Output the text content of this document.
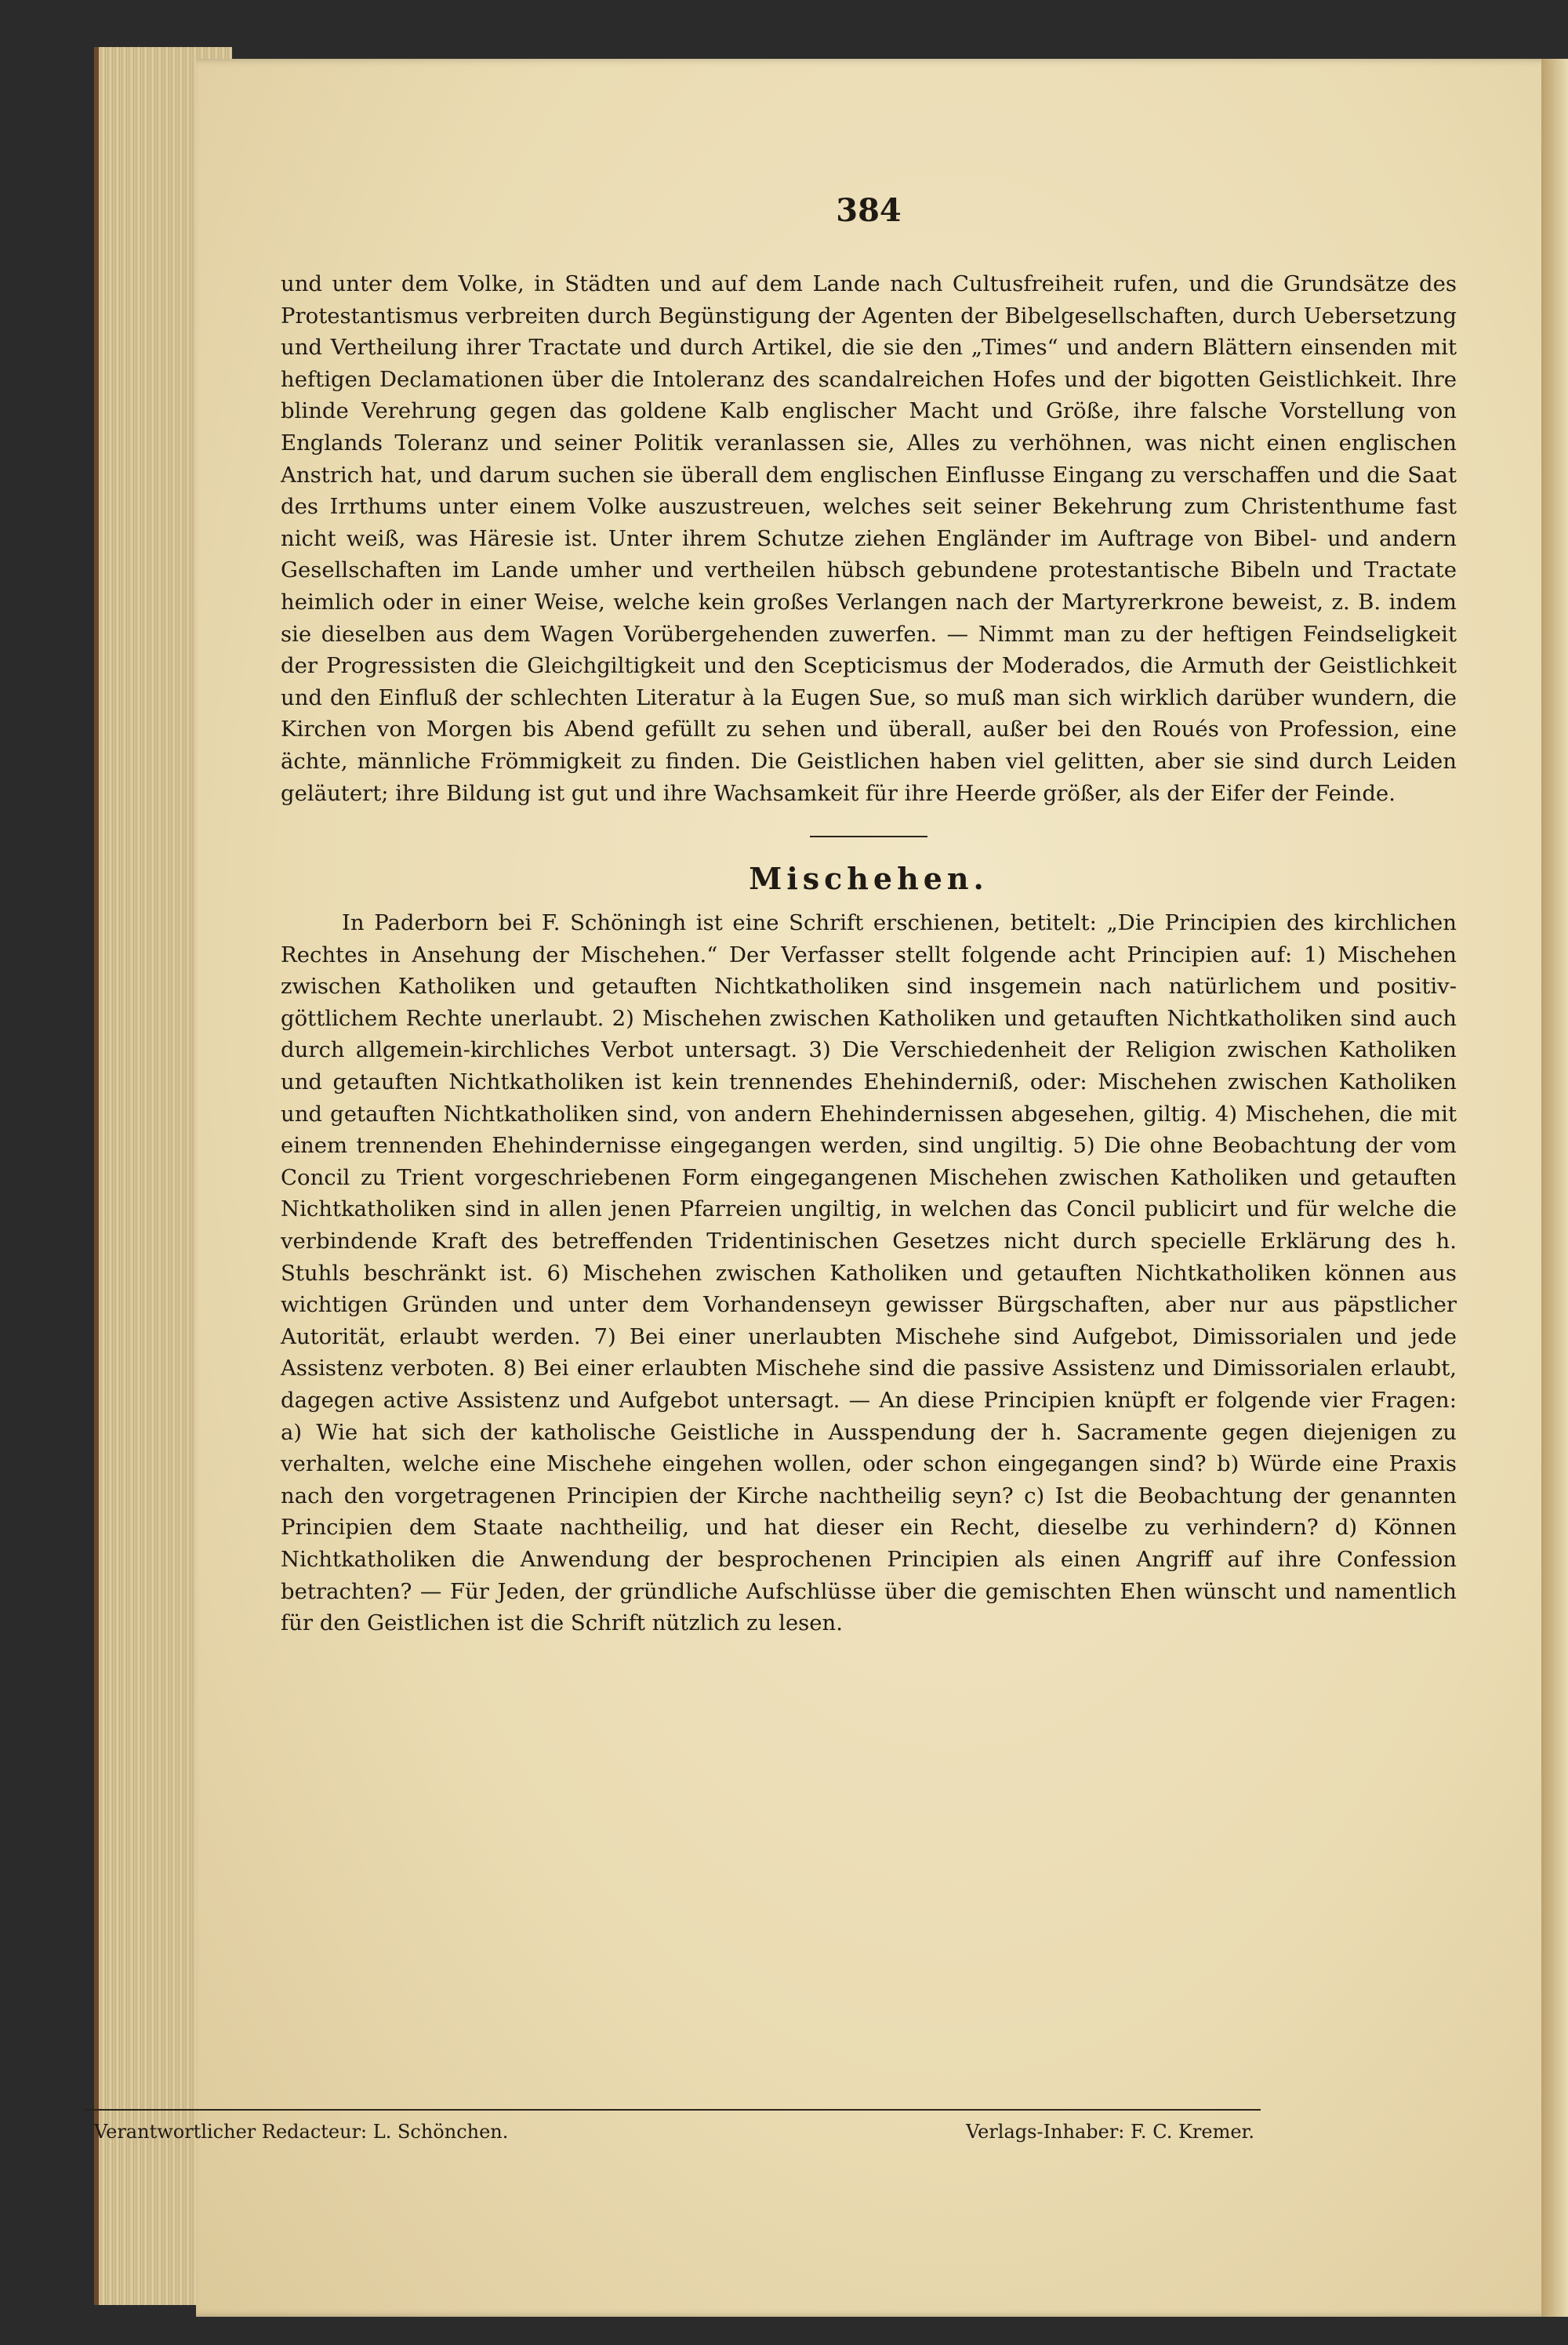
384

und unter dem Volke, in Städten und auf dem Lande nach Cultusfreiheit rufen, und die Grundsätze des Protestantismus verbreiten durch Begünstigung der Agenten der Bibelgesellschaften, durch Uebersetzung und Vertheilung ihrer Tractate und durch Artikel, die sie den „Times“ und andern Blättern einsenden mit heftigen Declamationen über die Intoleranz des scandalreichen Hofes und der bigotten Geistlichkeit. Ihre blinde Verehrung gegen das goldene Kalb englischer Macht und Größe, ihre falsche Vorstellung von Englands Toleranz und seiner Politik veranlassen sie, Alles zu verhöhnen, was nicht einen englischen Anstrich hat, und darum suchen sie überall dem englischen Einflusse Eingang zu verschaffen und die Saat des Irrthums unter einem Volke auszustreuen, welches seit seiner Bekehrung zum Christenthume fast nicht weiß, was Häresie ist. Unter ihrem Schutze ziehen Engländer im Auftrage von Bibel- und andern Gesellschaften im Lande umher und vertheilen hübsch gebundene protestantische Bibeln und Tractate heimlich oder in einer Weise, welche kein großes Verlangen nach der Martyrerkrone beweist, z. B. indem sie dieselben aus dem Wagen Vorübergehenden zuwerfen. — Nimmt man zu der heftigen Feindseligkeit der Progressisten die Gleichgiltigkeit und den Scepticismus der Moderados, die Armuth der Geistlichkeit und den Einfluß der schlechten Literatur à la Eugen Sue, so muß man sich wirklich darüber wundern, die Kirchen von Morgen bis Abend gefüllt zu sehen und überall, außer bei den Roués von Profession, eine ächte, männliche Frömmigkeit zu finden. Die Geistlichen haben viel gelitten, aber sie sind durch Leiden geläutert; ihre Bildung ist gut und ihre Wachsamkeit für ihre Heerde größer, als der Eifer der Feinde.

Mischehen.

In Paderborn bei F. Schöningh ist eine Schrift erschienen, betitelt: „Die Principien des kirchlichen Rechtes in Ansehung der Mischehen.“ Der Verfasser stellt folgende acht Principien auf: 1) Mischehen zwischen Katholiken und getauften Nichtkatholiken sind insgemein nach natürlichem und positiv-göttlichem Rechte unerlaubt. 2) Mischehen zwischen Katholiken und getauften Nichtkatholiken sind auch durch allgemein-kirchliches Verbot untersagt. 3) Die Verschiedenheit der Religion zwischen Katholiken und getauften Nichtkatholiken ist kein trennendes Ehehinderniß, oder: Mischehen zwischen Katholiken und getauften Nichtkatholiken sind, von andern Ehehindernissen abgesehen, giltig. 4) Mischehen, die mit einem trennenden Ehehindernisse eingegangen werden, sind ungiltig. 5) Die ohne Beobachtung der vom Concil zu Trient vorgeschriebenen Form eingegangenen Mischehen zwischen Katholiken und getauften Nichtkatholiken sind in allen jenen Pfarreien ungiltig, in welchen das Concil publicirt und für welche die verbindende Kraft des betreffenden Tridentinischen Gesetzes nicht durch specielle Erklärung des h. Stuhls beschränkt ist. 6) Mischehen zwischen Katholiken und getauften Nichtkatholiken können aus wichtigen Gründen und unter dem Vorhandenseyn gewisser Bürgschaften, aber nur aus päpstlicher Autorität, erlaubt werden. 7) Bei einer unerlaubten Mischehe sind Aufgebot, Dimissorialen und jede Assistenz verboten. 8) Bei einer erlaubten Mischehe sind die passive Assistenz und Dimissorialen erlaubt, dagegen active Assistenz und Aufgebot untersagt. — An diese Principien knüpft er folgende vier Fragen: a) Wie hat sich der katholische Geistliche in Ausspendung der h. Sacramente gegen diejenigen zu verhalten, welche eine Mischehe eingehen wollen, oder schon eingegangen sind? b) Würde eine Praxis nach den vorgetragenen Principien der Kirche nachtheilig seyn? c) Ist die Beobachtung der genannten Principien dem Staate nachtheilig, und hat dieser ein Recht, dieselbe zu verhindern? d) Können Nichtkatholiken die Anwendung der besprochenen Principien als einen Angriff auf ihre Confession betrachten? — Für Jeden, der gründliche Aufschlüsse über die gemischten Ehen wünscht und namentlich für den Geistlichen ist die Schrift nützlich zu lesen.

Verantwortlicher Redacteur: L. Schönchen.	Verlags-Inhaber: F. C. Kremer.
